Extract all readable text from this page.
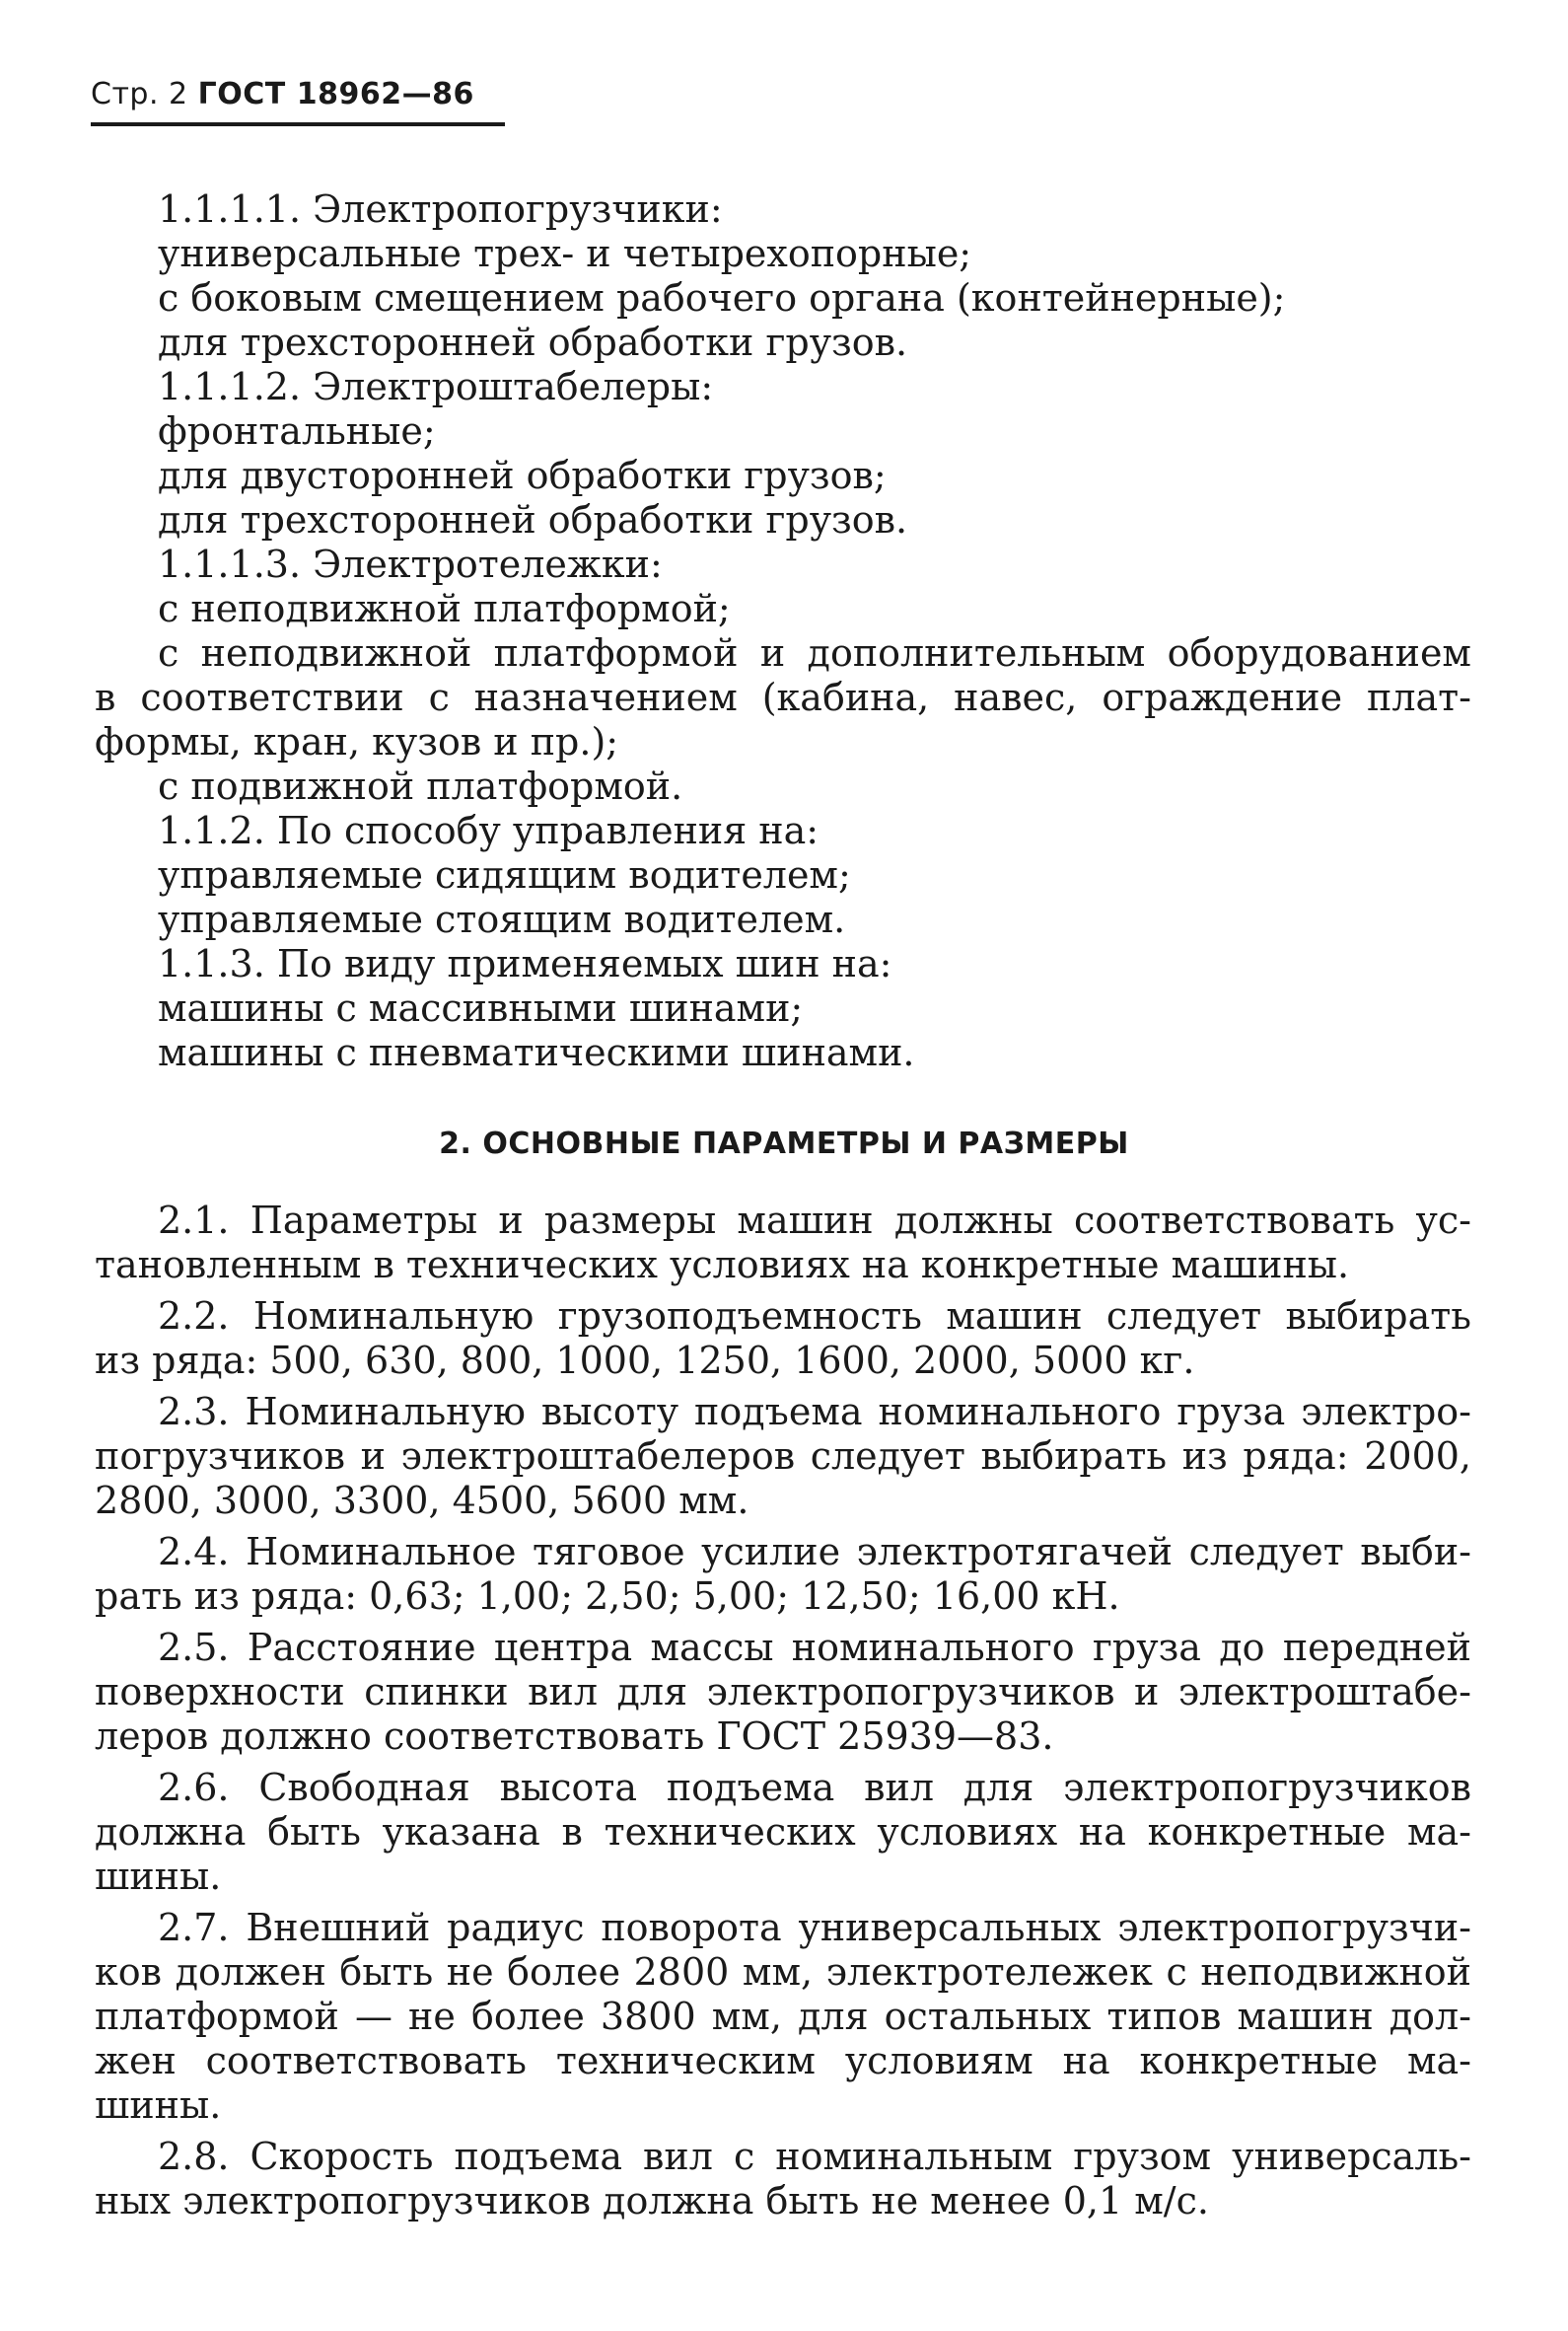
Стр. 2 ГОСТ 18962—86
1.1.1.1. Электропогрузчики:
универсальные трех- и четырехопорные;
с боковым смещением рабочего органа (контейнерные);
для трехсторонней обработки грузов.
1.1.1.2. Электроштабелеры:
фронтальные;
для двусторонней обработки грузов;
для трехсторонней обработки грузов.
1.1.1.3. Электротележки:
с неподвижной платформой;
с неподвижной платформой и дополнительным оборудованием
в соответствии с назначением (кабина, навес, ограждение плат-
формы, кран, кузов и пр.);
с подвижной платформой.
1.1.2. По способу управления на:
управляемые сидящим водителем;
управляемые стоящим водителем.
1.1.3. По виду применяемых шин на:
машины с массивными шинами;
машины с пневматическими шинами.
2. ОСНОВНЫЕ ПАРАМЕТРЫ И РАЗМЕРЫ
2.1. Параметры и размеры машин должны соответствовать ус-
тановленным в технических условиях на конкретные машины.
2.2. Номинальную грузоподъемность машин следует выбирать
из ряда: 500, 630, 800, 1000, 1250, 1600, 2000, 5000 кг.
2.3. Номинальную высоту подъема номинального груза электро-
погрузчиков и электроштабелеров следует выбирать из ряда: 2000,
2800, 3000, 3300, 4500, 5600 мм.
2.4. Номинальное тяговое усилие электротягачей следует выби-
рать из ряда: 0,63; 1,00; 2,50; 5,00; 12,50; 16,00 кН.
2.5. Расстояние центра массы номинального груза до передней
поверхности спинки вил для электропогрузчиков и электроштабе-
леров должно соответствовать ГОСТ 25939—83.
2.6. Свободная высота подъема вил для электропогрузчиков
должна быть указана в технических условиях на конкретные ма-
шины.
2.7. Внешний радиус поворота универсальных электропогрузчи-
ков должен быть не более 2800 мм, электротележек с неподвижной
платформой — не более 3800 мм, для остальных типов машин дол-
жен соответствовать техническим условиям на конкретные ма-
шины.
2.8. Скорость подъема вил с номинальным грузом универсаль-
ных электропогрузчиков должна быть не менее 0,1 м/с.
